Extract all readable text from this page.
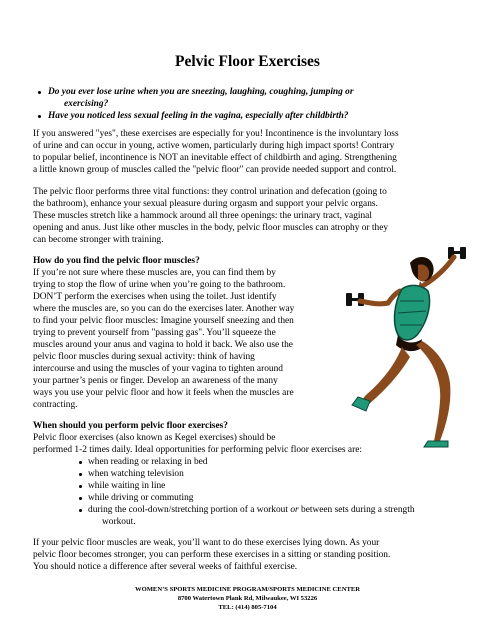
Pelvic Floor Exercises
Do you ever lose urine when you are sneezing, laughing, coughing, jumping or
exercising?
Have you noticed less sexual feeling in the vagina, especially after childbirth?
If you answered "yes", these exercises are especially for you! Incontinence is the involuntary loss
of urine and can occur in young, active women, particularly during high impact sports! Contrary
to popular belief, incontinence is NOT an inevitable effect of childbirth and aging. Strengthening
a little known group of muscles called the "pelvic floor" can provide needed support and control.
The pelvic floor performs three vital functions: they control urination and defecation (going to
the bathroom), enhance your sexual pleasure during orgasm and support your pelvic organs.
These muscles stretch like a hammock around all three openings: the urinary tract, vaginal
opening and anus. Just like other muscles in the body, pelvic floor muscles can atrophy or they
can become stronger with training.
How do you find the pelvic floor muscles?
If you’re not sure where these muscles are, you can find them by
trying to stop the flow of urine when you’re going to the bathroom.
DON’T perform the exercises when using the toilet. Just identify
where the muscles are, so you can do the exercises later. Another way
to find your pelvic floor muscles: Imagine yourself sneezing and then
trying to prevent yourself from "passing gas". You’ll squeeze the
muscles around your anus and vagina to hold it back. We also use the
pelvic floor muscles during sexual activity: think of having
intercourse and using the muscles of your vagina to tighten around
your partner’s penis or finger. Develop an awareness of the many
ways you use your pelvic floor and how it feels when the muscles are
contracting.
When should you perform pelvic floor exercises?
Pelvic floor exercises (also known as Kegel exercises) should be
performed 1-2 times daily. Ideal opportunities for performing pelvic floor exercises are:
when reading or relaxing in bed
when watching television
while waiting in line
while driving or commuting
during the cool-down/stretching portion of a workout or between sets during a strength
workout.
If your pelvic floor muscles are weak, you’ll want to do these exercises lying down. As your
pelvic floor becomes stronger, you can perform these exercises in a sitting or standing position.
You should notice a difference after several weeks of faithful exercise.
WOMEN’S SPORTS MEDICINE PROGRAM/SPORTS MEDICINE CENTER
8700 Watertown Plank Rd, Milwaukee, WI 53226
TEL: (414) 805-7104
